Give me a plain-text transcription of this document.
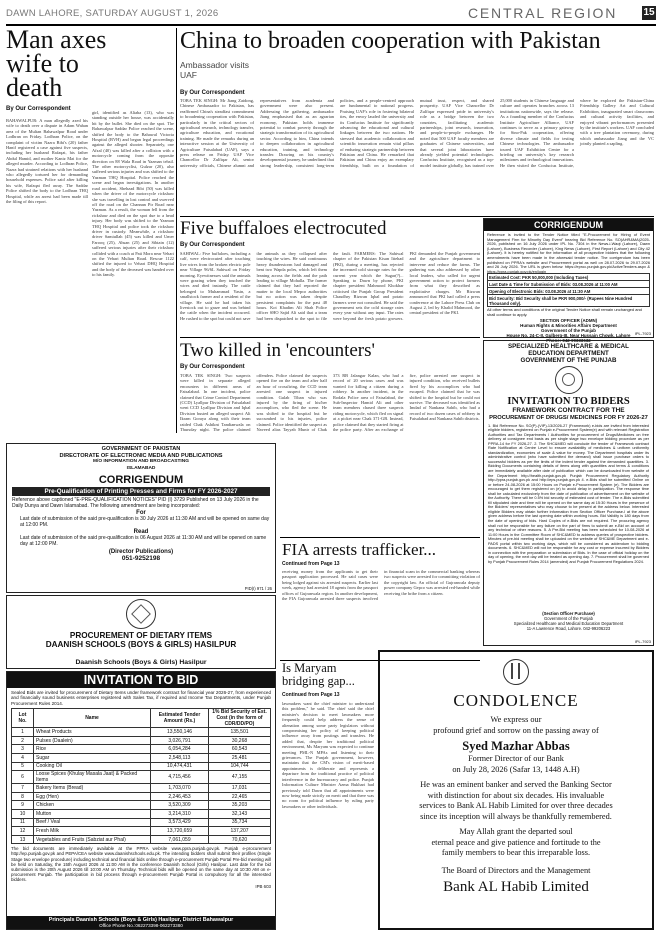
DAWN LAHORE, SATURDAY AUGUST 1, 2026	CENTRAL REGION	15
Man axes wife to death
By Our Correspondent
BAHAWALPUR: A man allegedly axed his wife to death over a dispute in Adam Wahan area of the Multan Bahawalpur Road under Lodhran on Friday. Lodhran Police, on the complaint of victim Nazra Bibi's (20) father Hanif registered a case against five suspects, including her husband Rafaqat, his father Abdul Hamid, and mother Kaniz Mai for the alleged murder. According to Lodhran Police, Nazra had strained relations with her husband who allegedly tortured her for demanding household expenses. Police said after killing his wife, Rafaqat fled away. The Saddar Police shifted the body to the Lodhran THQ Hospital, while an arrest had been made till the filing of this report.
girl, identified as Aliaba (13), who was standing outside her house, was accidentally hit by the bullet. She died on the spot. The Bahawalpur Saddar Police reached the scene, shifted the body to the Bahawal Victoria Hospital (BVH) and began legal proceedings against the alleged shooter. Separately, one Afzal (40) was killed after a collision with a motorcycle coming from the opposite direction on 88 Wala Road in Yazman tehsil. The other motorcyclist, Gulzar (20), also suffered serious injuries and was shifted to the Yazman THQ Hospital. Police reached the scene and began investigations. In another road accident, Shehzad Bibi (50) was killed when the driver of the motorcycle rickshaw she was travelling in lost control and swerved off the road on the Channan Pir Road near Yazman. As a result, the woman fell from the rickshaw and died on the spot due to a head injury. Her body was shifted to the Yazman THQ Hospital and police took the rickshaw driver in custody. Meanwhile, a rickshaw driver Samiullah (45) was killed and Umer Farooq (25), Ahsan (25) and Sibtain (12) suffered serious injuries after their rickshaw collided with a coach at Pati Mora near Vehari on the Vehari Multan Road. Rescue 1122 shifted the injured to Vehari DHQ Hospital and the body of the deceased was handed over to his family.
China to broaden cooperation with Pakistan
Ambassador visits UAF
By Our Correspondent
TOBA TEK SINGH: Mr Jiang Zaidong, Chinese Ambassador to Pakistan, has reaffirmed China's steadfast commitment to broadening cooperation with Pakistan, particularly in the critical sectors of agricultural research, technology transfer, agriculture education, and vocational training. He made the remarks during an interactive session at the University of Agriculture Faisalabad (UAF), says a press release on Friday. UAF Vice Chancellor Dr Zulfiqar Ali, senior university officials, Chinese alumni and representatives from academia and government were also present. Addressing the gathering, ambassador Jiang emphasised that as an agrarian economy, Pakistan holds immense potential to combat poverty through the strategic transformation of its agricultural sector. According to him, China intends to deepen collaboration in agricultural education, training, and technology transfer. Drawing on his country's developmental journey, he underlined that strong leadership, consistent long-term policies, and a people-centred approach are fundamental to national progress. Praising UAF's role in fostering bilateral ties, the envoy lauded the university and its Confucius Institute for significantly advancing the educational and cultural linkages between the two nations. He stressed that academic collaboration and scientific innovation remain vital pillars of enduring strategic partnership between Pakistan and China. He remarked that Pakistan and China enjoy an exemplary friendship, built on a foundation of mutual trust, respect, and shared prosperity. UAF Vice Chancellor Dr Zulfiqar expressed pride in university's role as a bridge between the two countries, facilitating academic partnerships, joint research, innovation, and people-to-people exchanges. He noted that 500 UAF faculty members are graduates of Chinese universities, and that several joint laboratories have already yielded potential technologies. Confucius Institute, recognised as a top-model institute globally, has trained over 25,000 students in Chinese language and culture and operates branches across 13 institutions nationwide, says the release. As a founding member of the Confucius Institute Agriculture Alliance, UAF continues to serve as a primary gateway for Sino-Pak cooperation, offering diverse climate and fields for testing Chinese technologies. The ambassador toured UAF Exhibition Centre for a briefing on university's key research milestones and technological innovations. He then visited the Confucius Institute, where he explored the Pakistan-China Friendship Gallery Art and Cultural Exhibition, inaugurated smart classrooms and cultural activity facilities, and enjoyed vibrant performances presented by the institute's workers. UAF concluded with a tree plantation ceremony, during which ambassador Jiang and the VC jointly planted a sapling.
Five buffaloes electrocuted
By Our Correspondent
SAHIWAL: Five buffaloes, including a calf, were electrocuted after touching live wires from the broken electric pole near Village 96/6L Sahiwal on Friday morning. Eyewitnesses said the animals were grazing when they touched the wires and died instantly. The cattle belonged to Muhammad Yasin, a smallstock farmer and a resident of the village. He said he had taken his livestock out to graze and was behind the cattle when the incident occurred. He rushed to the spot but could not save the animals as they collapsed after touching the wires. He said continuous heavy thunderstorm had damaged and bent two Wapda poles, which left them leaning across the fields and the path leading to village Mohalla. The farmer claimed that they had reported the matter to the local Mepco authorities but no action was taken despite persistent complaints for the past 48 hours. Kot Khadim Ali Shah Police officer SHO Sajid Ali said that a team had been dispatched to the spot to file the fault. FARMERS: The Sahiwal chapter of the Pakistan Kisan Ittehad (PKI), during a meeting, has rejected the increased cold storage rates for the current year which the Sugar(?)... Speaking to Dawn by phone, PKI chapter president Mahmood Khokhar criticised the Punjab Group President Chaudhry Rizwan Iqbal and potato farmers were not consulted. He said the government sets the cold storage rates every year without any input. The rates were beyond the fresh potato growers. PKI demanded the Punjab government and the agriculture department to intervene and reduce the farms. The gathering was also addressed by other local leaders, who called for urgent government action to protect farmers from what they described as exploitative charges. Mr Rizwan announced that PKI had called a press conference at the Lahore Press Club on August 2, led by Khalid Mahmood, the central president of the PKI.
Two killed in 'encounters'
By Our Correspondent
TOBA TEK SINGH: Two suspects were killed in separate alleged encounters in different areas of Faisalabad. In one incident, police claimed that Crime Control Department (CCD) Lyallpur Division of Faisalabad went CCD Lyallpur Division and Iqbal Division busted an alleged suspect Ali Ikram Goraya along with their team raided Chak Ashiknt Tandianwala on Thursday night. The police claimed offenders. Police claimed the suspects opened fire on the team and after half an hour of crossfiring, the CCD team arrested one suspect in injured condition. Gulab Tiban who was injured by the firing of his/her accomplices, who fled the scene. He was shifted to the hospital but he succumbed to his injuries, police claimed. Police identified the suspect as Naveed alias Tayyab Munir of Chak 373 RB Jalangar Kalan, who had a record of 20 serious cases and was wanted for killing a citizen during a robbery. In another incident, in the Rodala Police area of Faisalabad, the Sub-Inspector Hamid Ali and other team members chased three suspects riding motorcycle, which fled on signal at a picket near Chak 371-GB. Instead, police claimed that they started firing at the police party. After an exchange of fire, police arrested one suspect in injured condition, who received bullets fired by his accomplices who had escaped. Police claimed that he was shifted to the hospital but he could not survive. The deceased was identified as Imdad of Nankana Sahib, who had a record of two dozen cases of robbery in Faisalabad and Nankana Sahib districts.
FIA arrests trafficker...
Continued from Page 13
receiving money from the applicants to get their passport application processed. He said cases were being lodged against six arrested suspects. Earlier last week, agency had arrested 18 agents from the passport offices of Gujranwala region. In another development, the FIA Gujranwala arrested three suspects involved in financial scam in the commercial banking whereas two suspects were arrested for committing violation of the copyright law. An official of Gujranwala deputy power company Gepco was arrested red-handed while receiving the bribe from a citizen.
Is Maryam bridging gap...
Continued from Page 13
lawmakers want the chief minister to understand this problem," he said. The chief said the chief minister's decision to meet lawmakers more frequently could help address the sense of alienation among some party legislators without compromising her policy of keeping political influence away from postings and transfers. He added that, despite her traditional political environment, Ms Maryam was expected to continue meeting PML-N MPAs and listening to their grievances. The Punjab government, however, maintains that the CM's vision of merit-based appointments is deliberate and represents a departure from the traditional practice of political interference in the bureaucracy and police. Punjab Information Culture Minister Azma Bukhari had previously told Dawn that all appointments were now being made strictly on merit and that there was no room for political influence by ruling party lawmakers or other individuals.
CORRIGENDUM
Reference is invited to the Tender Notice titled "E-Procurement for Hiring of Event Management Firm for Minority Day Event" bearing Bid Reference No. SO(AHR&MA)2025-2026, published on 16 July 2026 under IPL No. 7304 in the News-i-Waqt (Lahore), Dawn (Lahore), Business Recorder (Lahore), King News (Lahore), First Report (Lahore) and City 42 (Lahore). It is hereby notified for the information of all prospective bidders that the following amendments have been made in the aforesaid tender notice. The corrigendum has been published on PPRA's website and Procurement portal as well on 28.07.2026 to 29.07.2026 and 26 July 2026. The URL is given below: https://eproc.punjab.gov.pk/ActiveTenders.aspx & https://ppra.punjab.gov.pk/en/login
Estimated Cost: PKR 50,000,000 (Including Taxes)
Last Date & Time for Submission of Bids: 03.08.2026 at 11:00 AM
Opening of Electronic Bids: 03.08.2026 at 11:30 AM
Bid Security: Bid Security shall be PKR 900,000/- (Rupees Nine Hundred Thousand only).
All other terms and conditions of the original Tender Notice shall remain unchanged and shall continue to apply.
SECTION OFFICER (ADMN)
Human Rights & Minorities Affairs Department
Government of the Punjab
House No. 24-C-II, Gulberg-III, Near Hussain Chowk, Lahore
Phone: 042-99333632
IPL-7923
SPECIALIZED HEALTHCARE & MEDICAL
EDUCATION DEPARTMENT
GOVERNMENT OF THE PUNJAB
INVITATION TO BIDERS
FRAMEWORK CONTRACT FOR THE
PROCUREMENT OF DRUGS/ MEDICINES FOR FY 2026-27
1. Bid Reference No. SO(P)-(VIP)-13/2026-27 (Framework) e-bids are invited from interested eligible bidders, registered on Punjab e-Procurement System(e) and with relevant Registration Authorities and Tax Departments / Authorities for procurement of Drugs/Medicines on free delivery at consignee end basis as per single stage two envelope bidding procedure as per PPRA-14 for FY 2026-27. 2. The SHC&MED will conclude the tender of Framework contract Rate Notification at Centre Level to ensure availability of medicines & uniform uniformity standardization, economies of scale & value for money. The Department hospitals under its administrative control (who have submitted the demand) shall issue purchase orders to successful bidders as per the limits of the indent tender against the demanded quantities. 3. Bidding Documents containing details of items along with quantities and terms & conditions are immediately available after date of publication which can be downloaded from website of the Department http://health.punjab.gov.pk Punjab Procurement Regulatory Authority http://ppra.punjab.gov.pk and http://eps.punjab.gov.pk 4. e-Bids shall be submitted Online on or before 24-08-2026 at 15:00 Hours on Punjab e-Procurement System (e). The Bidders are encouraged to get them registered on (e) to avoid delay in participation. The response time shall be calculated exclusively from the date of publication of advertisement on the website of the Authority. There will be 0.5% bid security of estimated cost of tender. The e-Bids submitted till stipulated date and time will be opened on the same day at 15:30 Hours in the presence of the Bidders' representatives who may choose to be present at the address below. Interested eligible Bidders may obtain further information from Section Officer Purchase-I at the above given address before the last opening date within working hours. Bid Validity is 180 days from the date of opening of bids. Hard Copies of e-Bids are not required. The procuring agency shall not be responsible for any failure on the part of firms to submit an e-Bid on account of any technical or other reasons. 5. A Pre-Bid meeting has been scheduled for 10-08-2026 at 11:00 Hours in the Committee Room of SHC&MED to address queries of prospective bidders. Minutes of pre-bid meeting shall be uploaded on the website of SHC&ME Department and e-PADS portal within two working days, which will be considered as addendum to bidding documents. 6. SHC&MED will not be responsible for any cost or expense incurred by Bidders in connection with the preparation or submission of Bids. In the case of official holiday on the day of opening, the next day will be treated as opening day. 7. Procurement shall be governed by Punjab Procurement Rules 2014 (amended) and Punjab Procurement Regulations 2024.
(Section Officer Purchase)
Government of the Punjab
Specialized Healthcare and Medical Education Department
11-A Lawrence Road, Lahore. 042-99206223
IPL-7923
GOVERNMENT OF PAKISTAN
DIRECTORATE OF ELECTRONIC MEDIA AND PUBLICATIONS
M/O INFORMATION AND BROADCASTING
ISLAMABAD
CORRIGENDUM
Pre-Qualification of Printing Presses and Firms for FY 2026-2027
Reference above captioned "E-PRE-QUALIFICATION NOTICES" PID (I) 3729 Published on 13 July 2026 in the Daily Dunya and Dawn Islamabad. The following amendment are being incorporated:
For
Last date of submission of the said pre-qualification is 30 July 2026 at 11:30 AM and will be opened on same day at 12:00 PM.
Read
Last date of submission of the said pre-qualification is 06 August 2026 at 11:30 AM and will be opened on same day at 12:00 PM.
(Director Publications)
051-9252198
PID(I) 971 / 26
PROCUREMENT OF DIETARY ITEMS
DAANISH SCHOOLS (BOYS & GIRLS) HASILPUR
Daanish Schools (Boys & Girls) Hasilpur
INVITATION TO BID
Sealed Bids are invited for procurement of Dietary Items under framework contract for financial year 2026-27, from experienced and financially sound business enterprises registered with Sales Tax, if required and Income Tax Departments, under Punjab Procurement Rules 2014.
Lot No.	Name	Estimated Tender Amount (Rs.)	1% Bid Security of Est. Cost (in the form of CDR/DD/PO)
1	Wheat Products	13,550,146	135,501
2	Pulses (Daalein)	3,026,791	30,268
3	Rice	6,054,284	60,543
4	Sugar	2,548,113	25,481
5	Cooking Oil	10,474,431	104,744
6	Loose Spices (Khulay Masala Jaat) & Packed Items	4,715,456	47,155
7	Bakery Items (Bread)	1,703,070	17,031
8	Egg (Hen)	2,246,453	22,465
9	Chicken	3,520,309	35,203
10	Mutton	3,214,310	32,143
11	Beef / Veal	3,573,429	35,734
12	Fresh Milk	13,720,659	137,207
13	Vegetables and Fruits (Sabziat aur Phal)	7,061,059	70,620
The bid documents are immediately available at the PPRA website www.ppra.punjab.gov.pk. Punjab e-procurement http://ep.punjab.gov.pk and PEPA/CEA website www.daanishschools.edu.pk. The intending bidders shall submit their profiles (Single Stage two envelope procedure) including technical and financial bids online through e-procurement Punjab Portal Pre-bid meeting will be held on Saturday, the 15th August 2026 at 11:00 AM in the conference Daanish School (Girls) Hasilpur. Last date for the bid submission is the 20th August 2026 till 10:00 AM on Thursday. Technical bids will be opened on the same day at 10:30 AM on e-procurement Punjab. The participation in bid process through e-procurement Punjab Portal is compulsory for all the interested bidders.
IPB 603
Principals Daanish Schools (Boys & Girls) Hasilpur, District Bahawalpur
Office Phone No.:062273398-062273380
CONDOLENCE
We express our
profound grief and sorrow on the passing away of
Syed Mazhar Abbas
Former Director of our Bank
on July 28, 2026 (Safar 13, 1448 A.H)
He was an eminent banker and served the Banking Sector
with distinction for about six decades. His invaluable
services to Bank AL Habib Limited for over three decades
since its inception will always be thankfully remembered.
May Allah grant the departed soul
eternal peace and give patience and fortitude to the
family members to bear this irreparable loss.
The Board of Directors and the Management
Bank AL Habib Limited
